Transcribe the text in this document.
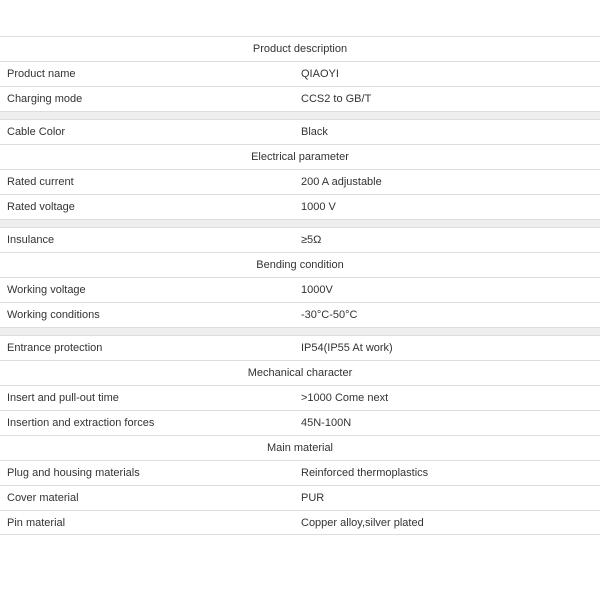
Product description
Product name	QIAOYI
Charging mode	CCS2 to GB/T
Cable Color	Black
Electrical parameter
Rated current	200 A adjustable
Rated voltage	1000 V
Insulance	≥5Ω
Bending condition
Working voltage	1000V
Working conditions	-30°C-50°C
Entrance protection	IP54(IP55 At work)
Mechanical character
Insert and pull-out time	>1000 Come next
Insertion and extraction forces	45N-100N
Main material
Plug and housing materials	Reinforced thermoplastics
Cover material	PUR
Pin material	Copper alloy,silver plated
